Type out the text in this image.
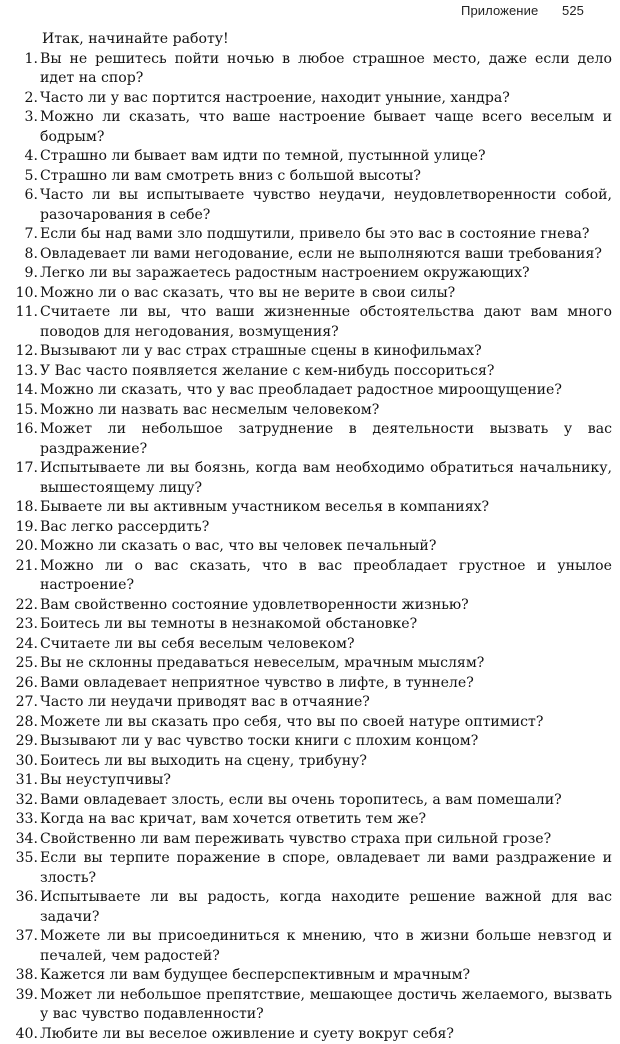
Приложение 525
Итак, начинайте работу!
1. Вы не решитесь пойти ночью в любое страшное место, даже если дело идет на спор?
2. Часто ли у вас портится настроение, находит уныние, хандра?
3. Можно ли сказать, что ваше настроение бывает чаще всего веселым и бодрым?
4. Страшно ли бывает вам идти по темной, пустынной улице?
5. Страшно ли вам смотреть вниз с большой высоты?
6. Часто ли вы испытываете чувство неудачи, неудовлетворенности собой, разочарования в себе?
7. Если бы над вами зло подшутили, привело бы это вас в состояние гнева?
8. Овладевает ли вами негодование, если не выполняются ваши требования?
9. Легко ли вы заражаетесь радостным настроением окружающих?
10. Можно ли о вас сказать, что вы не верите в свои силы?
11. Считаете ли вы, что ваши жизненные обстоятельства дают вам много поводов для негодования, возмущения?
12. Вызывают ли у вас страх страшные сцены в кинофильмах?
13. У Вас часто появляется желание с кем-нибудь поссориться?
14. Можно ли сказать, что у вас преобладает радостное мироощущение?
15. Можно ли назвать вас несмелым человеком?
16. Может ли небольшое затруднение в деятельности вызвать у вас раздражение?
17. Испытываете ли вы боязнь, когда вам необходимо обратиться начальнику, вышестоящему лицу?
18. Бываете ли вы активным участником веселья в компаниях?
19. Вас легко рассердить?
20. Можно ли сказать о вас, что вы человек печальный?
21. Можно ли о вас сказать, что в вас преобладает грустное и унылое настроение?
22. Вам свойственно состояние удовлетворенности жизнью?
23. Боитесь ли вы темноты в незнакомой обстановке?
24. Считаете ли вы себя веселым человеком?
25. Вы не склонны предаваться невеселым, мрачным мыслям?
26. Вами овладевает неприятное чувство в лифте, в туннеле?
27. Часто ли неудачи приводят вас в отчаяние?
28. Можете ли вы сказать про себя, что вы по своей натуре оптимист?
29. Вызывают ли у вас чувство тоски книги с плохим концом?
30. Боитесь ли вы выходить на сцену, трибуну?
31. Вы неуступчивы?
32. Вами овладевает злость, если вы очень торопитесь, а вам помешали?
33. Когда на вас кричат, вам хочется ответить тем же?
34. Свойственно ли вам переживать чувство страха при сильной грозе?
35. Если вы терпите поражение в споре, овладевает ли вами раздражение и злость?
36. Испытываете ли вы радость, когда находите решение важной для вас задачи?
37. Можете ли вы присоединиться к мнению, что в жизни больше невзгод и печалей, чем радостей?
38. Кажется ли вам будущее бесперспективным и мрачным?
39. Может ли небольшое препятствие, мешающее достичь желаемого, вызвать у вас чувство подавленности?
40. Любите ли вы веселое оживление и суету вокруг себя?
